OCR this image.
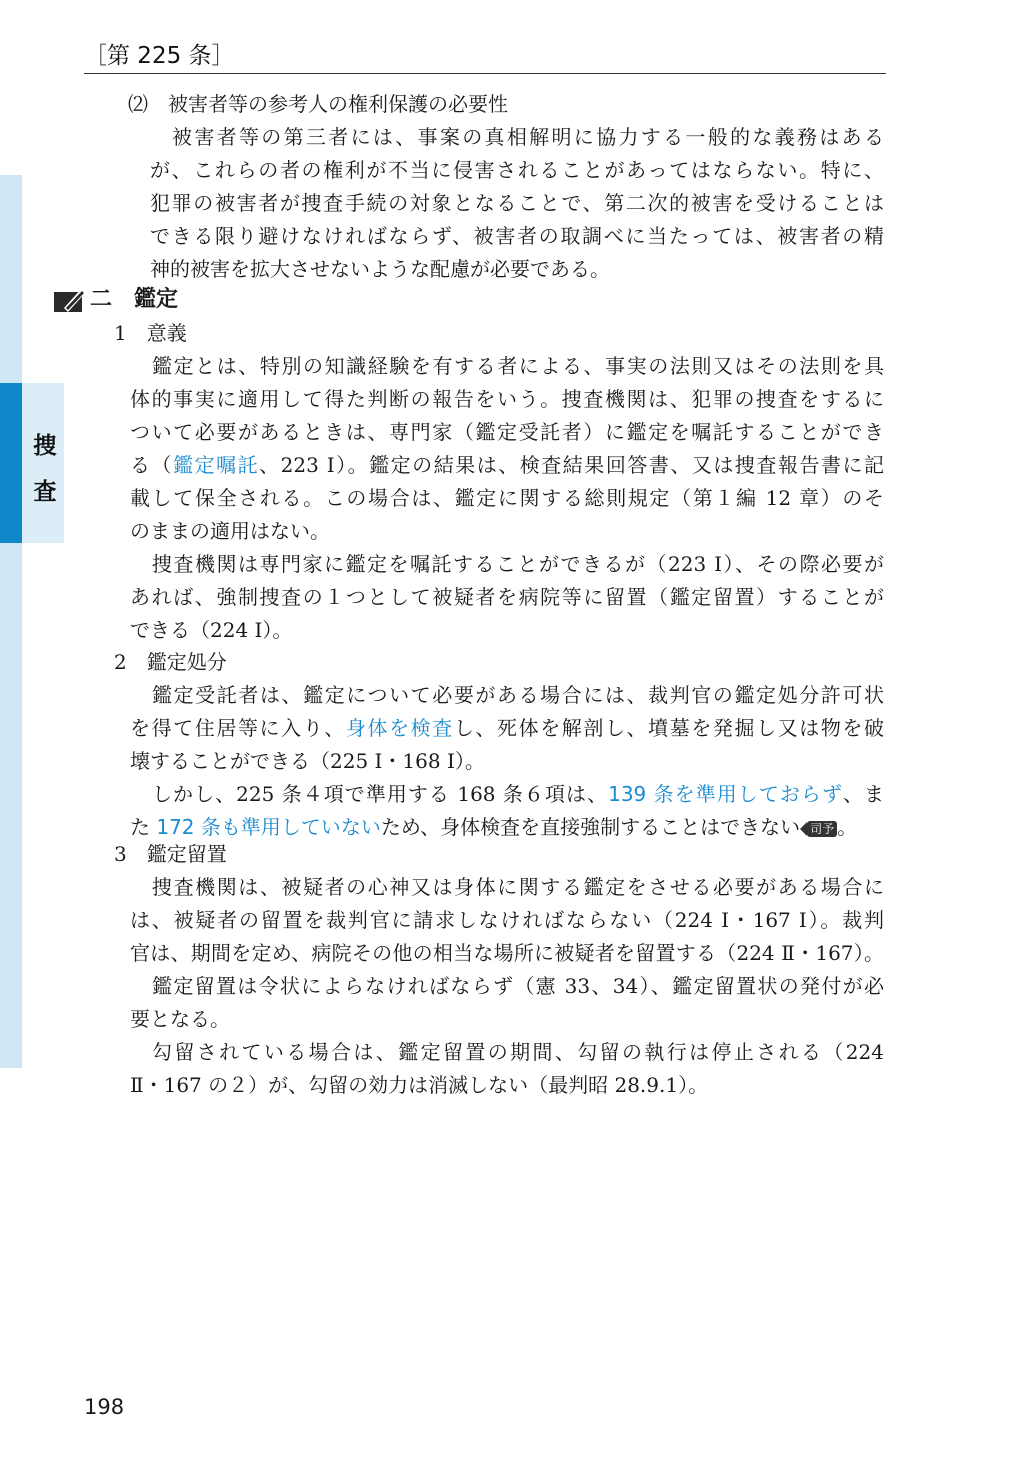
［第 225 条］
捜
査
⑵　被害者等の参考人の権利保護の必要性
被害者等の第三者には、事案の真相解明に協力する一般的な義務はある
が、これらの者の権利が不当に侵害されることがあってはならない。特に、
犯罪の被害者が捜査手続の対象となることで、第二次的被害を受けることは
できる限り避けなければならず、被害者の取調べに当たっては、被害者の精
神的被害を拡大させないような配慮が必要である。
二　鑑定
1　意義
鑑定とは、特別の知識経験を有する者による、事実の法則又はその法則を具
体的事実に適用して得た判断の報告をいう。捜査機関は、犯罪の捜査をするに
ついて必要があるときは、専門家（鑑定受託者）に鑑定を嘱託することができ
る（鑑定嘱託、223 Ⅰ）。鑑定の結果は、検査結果回答書、又は捜査報告書に記
載して保全される。この場合は、鑑定に関する総則規定（第１編 12 章）のそ
のままの適用はない。
捜査機関は専門家に鑑定を嘱託することができるが（223 Ⅰ）、その際必要が
あれば、強制捜査の１つとして被疑者を病院等に留置（鑑定留置）することが
できる（224 Ⅰ）。
2　鑑定処分
鑑定受託者は、鑑定について必要がある場合には、裁判官の鑑定処分許可状
を得て住居等に入り、身体を検査し、死体を解剖し、墳墓を発掘し又は物を破
壊することができる（225 Ⅰ・168 Ⅰ）。
しかし、225 条４項で準用する 168 条６項は、139 条を準用しておらず、ま
た 172 条も準用していないため、身体検査を直接強制することはできない 司予 。
3　鑑定留置
捜査機関は、被疑者の心神又は身体に関する鑑定をさせる必要がある場合に
は、被疑者の留置を裁判官に請求しなければならない（224 Ⅰ・167 Ⅰ）。裁判
官は、期間を定め、病院その他の相当な場所に被疑者を留置する（224 Ⅱ・167）。
鑑定留置は令状によらなければならず（憲 33、34）、鑑定留置状の発付が必
要となる。
勾留されている場合は、鑑定留置の期間、勾留の執行は停止される（224
Ⅱ・167 の２）が、勾留の効力は消滅しない（最判昭 28.9.1）。
198
